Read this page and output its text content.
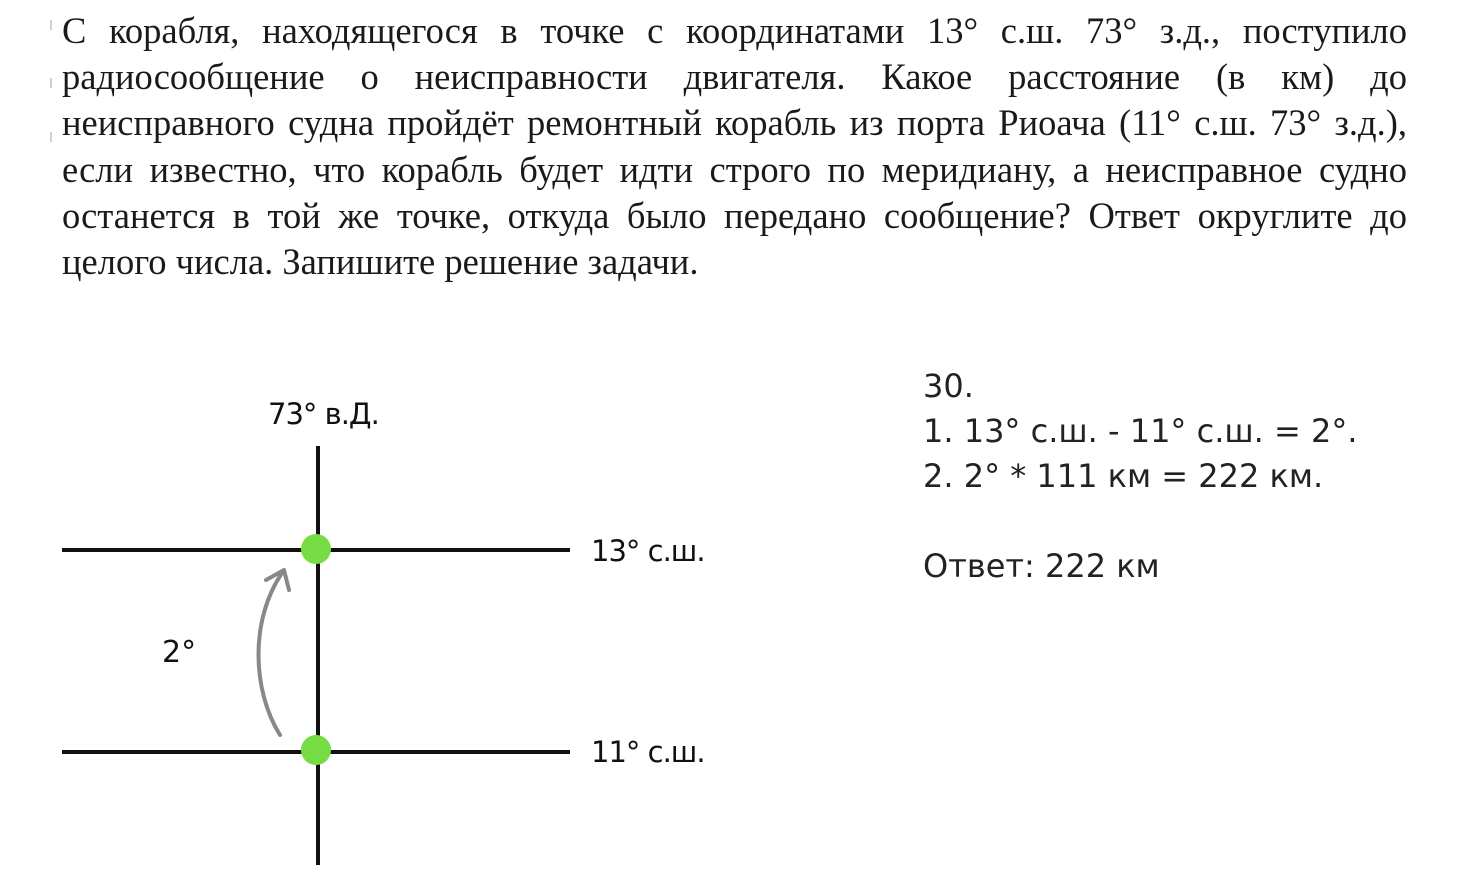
С корабля, находящегося в точке с координатами 13° с.ш. 73° з.д., поступило радиосообщение о неисправности двигателя. Какое расстояние (в км) до неисправного судна пройдёт ремонтный корабль из порта Риоача (11° с.ш. 73° з.д.), если известно, что корабль будет идти строго по меридиану, а неисправное судно останется в той же точке, откуда было передано сообщение? Ответ округлите до целого числа. Запишите решение задачи.

73° в.Д.
13° с.ш.
11° с.ш.
2°
30.
1. 13° с.ш. - 11° с.ш. = 2°.
2. 2° * 111 км = 222 км.
Ответ: 222 км
